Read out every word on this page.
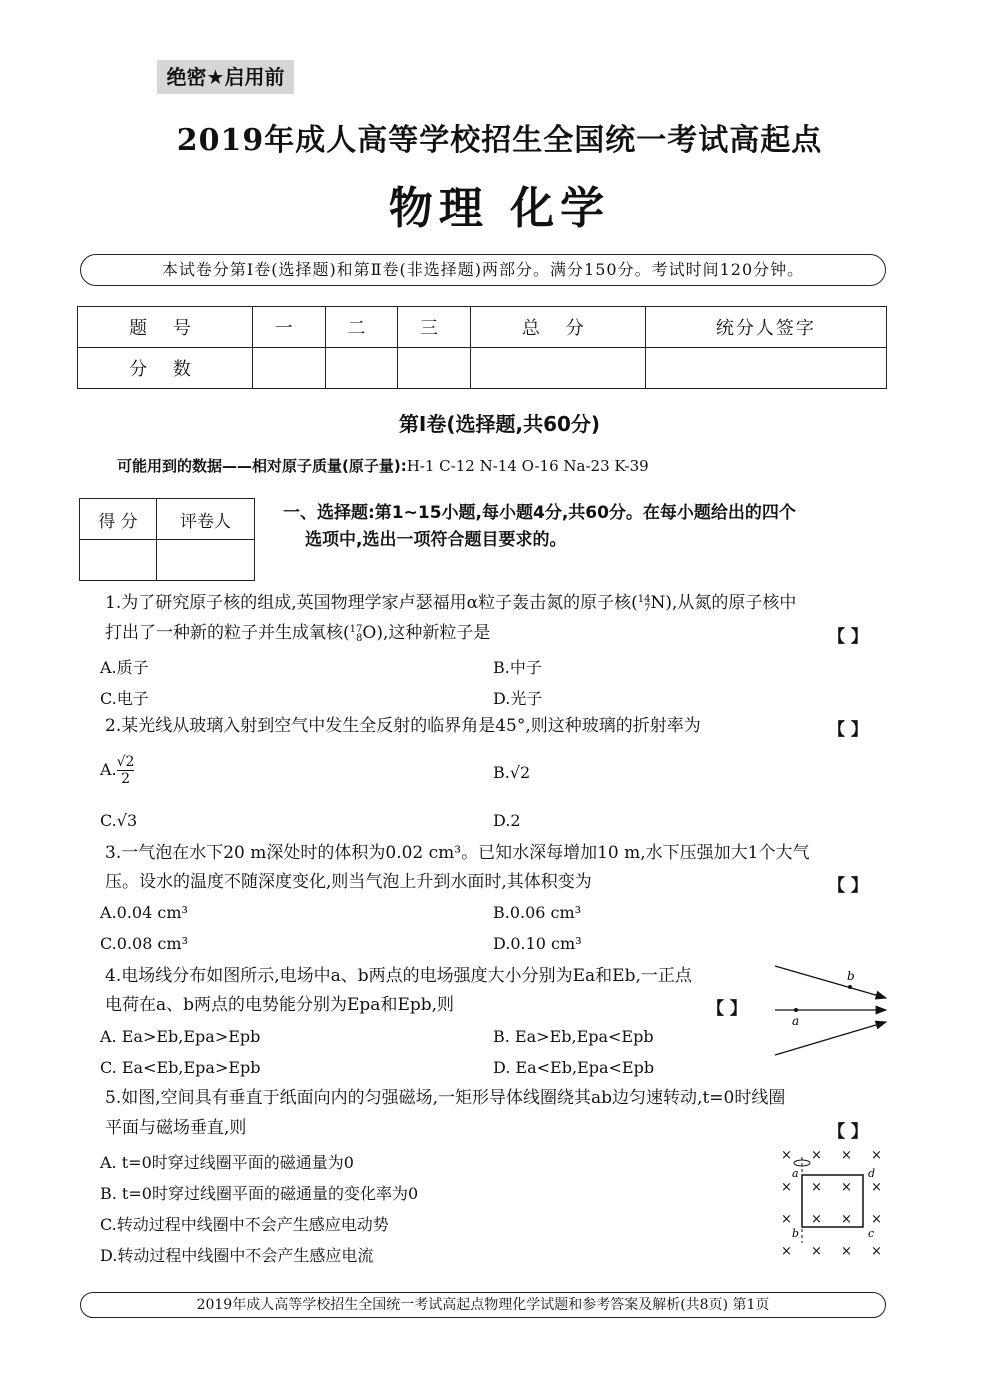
绝密★启用前
2019年成人高等学校招生全国统一考试高起点
物理 化学
本试卷分第Ⅰ卷(选择题)和第Ⅱ卷(非选择题)两部分。满分150分。考试时间120分钟。
题 号	一	二	三	总 分	统分人签字
分 数					
第Ⅰ卷(选择题,共60分)
可能用到的数据——相对原子质量(原子量):H-1 C-12 N-14 O-16 Na-23 K-39
得 分	评卷人
		一、选择题:第1~15小题,每小题4分,共60分。在每小题给出的四个
选项中,选出一项符合题目要求的。
1.为了研究原子核的组成,英国物理学家卢瑟福用α粒子轰击氮的原子核(14
7N),从氮的原子核中
打出了一种新的粒子并生成氧核(17
8O),这种新粒子是	【 】
A.质子	B.中子
C.电子	D.光子
2.某光线从玻璃入射到空气中发生全反射的临界角是45°,则这种玻璃的折射率为	【 】
A. $\frac{√2}{2}$	B.√2
C.√3	D.2
3.一气泡在水下20 m深处时的体积为0.02 cm³。已知水深每增加10 m,水下压强加大1个大气
压。设水的温度不随深度变化,则当气泡上升到水面时,其体积变为	【 】
A.0.04 cm³	B.0.06 cm³
C.0.08 cm³	D.0.10 cm³
4.电场线分布如图所示,电场中a、b两点的电场强度大小分别为Ea和Eb,一正点
电荷在a、b两点的电势能分别为Epa和Epb,则	【 】
A. Ea>Eb,Epa>Epb	B. Ea>Eb,Epa<Epb
C. Ea<Eb,Epa>Epb	D. Ea<Eb,Epa<Epb
b
a
5.如图,空间具有垂直于纸面向内的匀强磁场,一矩形导体线圈绕其ab边匀速转动,t=0时线圈
平面与磁场垂直,则	【 】
A. t=0时穿过线圈平面的磁通量为0
B. t=0时穿过线圈平面的磁通量的变化率为0
C.转动过程中线圈中不会产生感应电动势
D.转动过程中线圈中不会产生感应电流
× × × ×
× × × ×
× × × ×
× × × ×
a
b	c
d
2019年成人高等学校招生全国统一考试高起点物理化学试题和参考答案及解析(共8页) 第1页
